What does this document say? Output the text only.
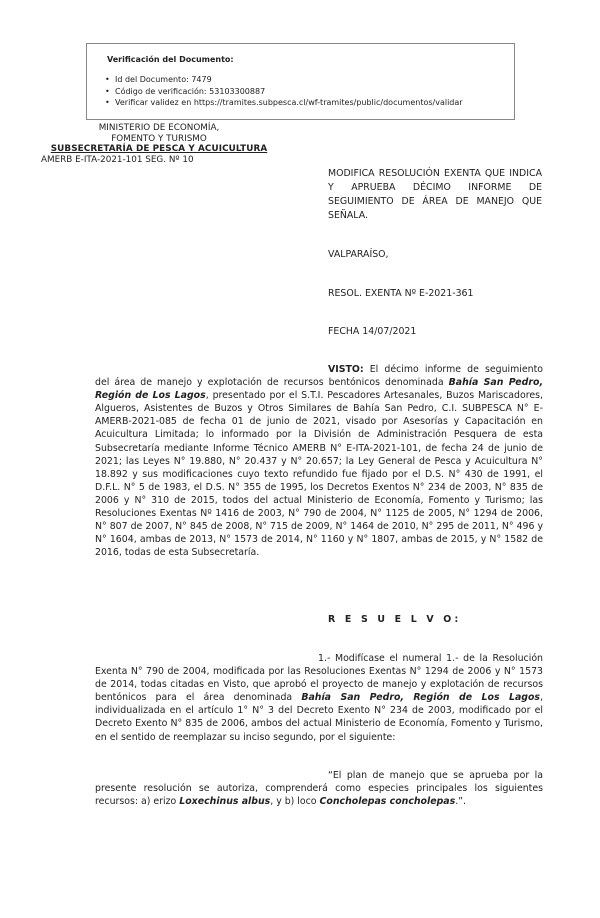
Verificación del Documento:
• Id del Documento: 7479
• Código de verificación: 53103300887
• Verificar validez en https://tramites.subpesca.cl/wf-tramites/public/documentos/validar
MINISTERIO DE ECONOMÍA,
FOMENTO Y TURISMO
SUBSECRETARÍA DE PESCA Y ACUICULTURA
AMERB E-ITA-2021-101 SEG. Nº 10
MODIFICA RESOLUCIÓN EXENTA QUE INDICA Y APRUEBA DÉCIMO INFORME DE SEGUIMIENTO DE ÁREA DE MANEJO QUE SEÑALA.
VALPARAÍSO,
RESOL. EXENTA Nº E-2021-361
FECHA 14/07/2021
VISTO: El décimo informe de seguimiento del área de manejo y explotación de recursos bentónicos denominada Bahía San Pedro, Región de Los Lagos, presentado por el S.T.I. Pescadores Artesanales, Buzos Mariscadores, Algueros, Asistentes de Buzos y Otros Similares de Bahía San Pedro, C.I. SUBPESCA N° E-AMERB-2021-085 de fecha 01 de junio de 2021, visado por Asesorías y Capacitación en Acuicultura Limitada; lo informado por la División de Administración Pesquera de esta Subsecretaría mediante Informe Técnico AMERB N° E-ITA-2021-101, de fecha 24 de junio de 2021; las Leyes N° 19.880, N° 20.437 y N° 20.657; la Ley General de Pesca y Acuicultura N° 18.892 y sus modificaciones cuyo texto refundido fue fijado por el D.S. N° 430 de 1991, el D.F.L. N° 5 de 1983, el D.S. N° 355 de 1995, los Decretos Exentos N° 234 de 2003, N° 835 de 2006 y N° 310 de 2015, todos del actual Ministerio de Economía, Fomento y Turismo; las Resoluciones Exentas Nº 1416 de 2003, N° 790 de 2004, N° 1125 de 2005, N° 1294 de 2006, N° 807 de 2007, N° 845 de 2008, N° 715 de 2009, N° 1464 de 2010, N° 295 de 2011, N° 496 y N° 1604, ambas de 2013, N° 1573 de 2014, N° 1160 y N° 1807, ambas de 2015, y N° 1582 de 2016, todas de esta Subsecretaría.
R E S U E L V O:
1.- Modifícase el numeral 1.- de la Resolución Exenta N° 790 de 2004, modificada por las Resoluciones Exentas N° 1294 de 2006 y N° 1573 de 2014, todas citadas en Visto, que aprobó el proyecto de manejo y explotación de recursos bentónicos para el área denominada Bahía San Pedro, Región de Los Lagos, individualizada en el artículo 1° N° 3 del Decreto Exento N° 234 de 2003, modificado por el Decreto Exento N° 835 de 2006, ambos del actual Ministerio de Economía, Fomento y Turismo, en el sentido de reemplazar su inciso segundo, por el siguiente:
“El plan de manejo que se aprueba por la presente resolución se autoriza, comprenderá como especies principales los siguientes recursos: a) erizo Loxechinus albus, y b) loco Concholepas concholepas.”.
